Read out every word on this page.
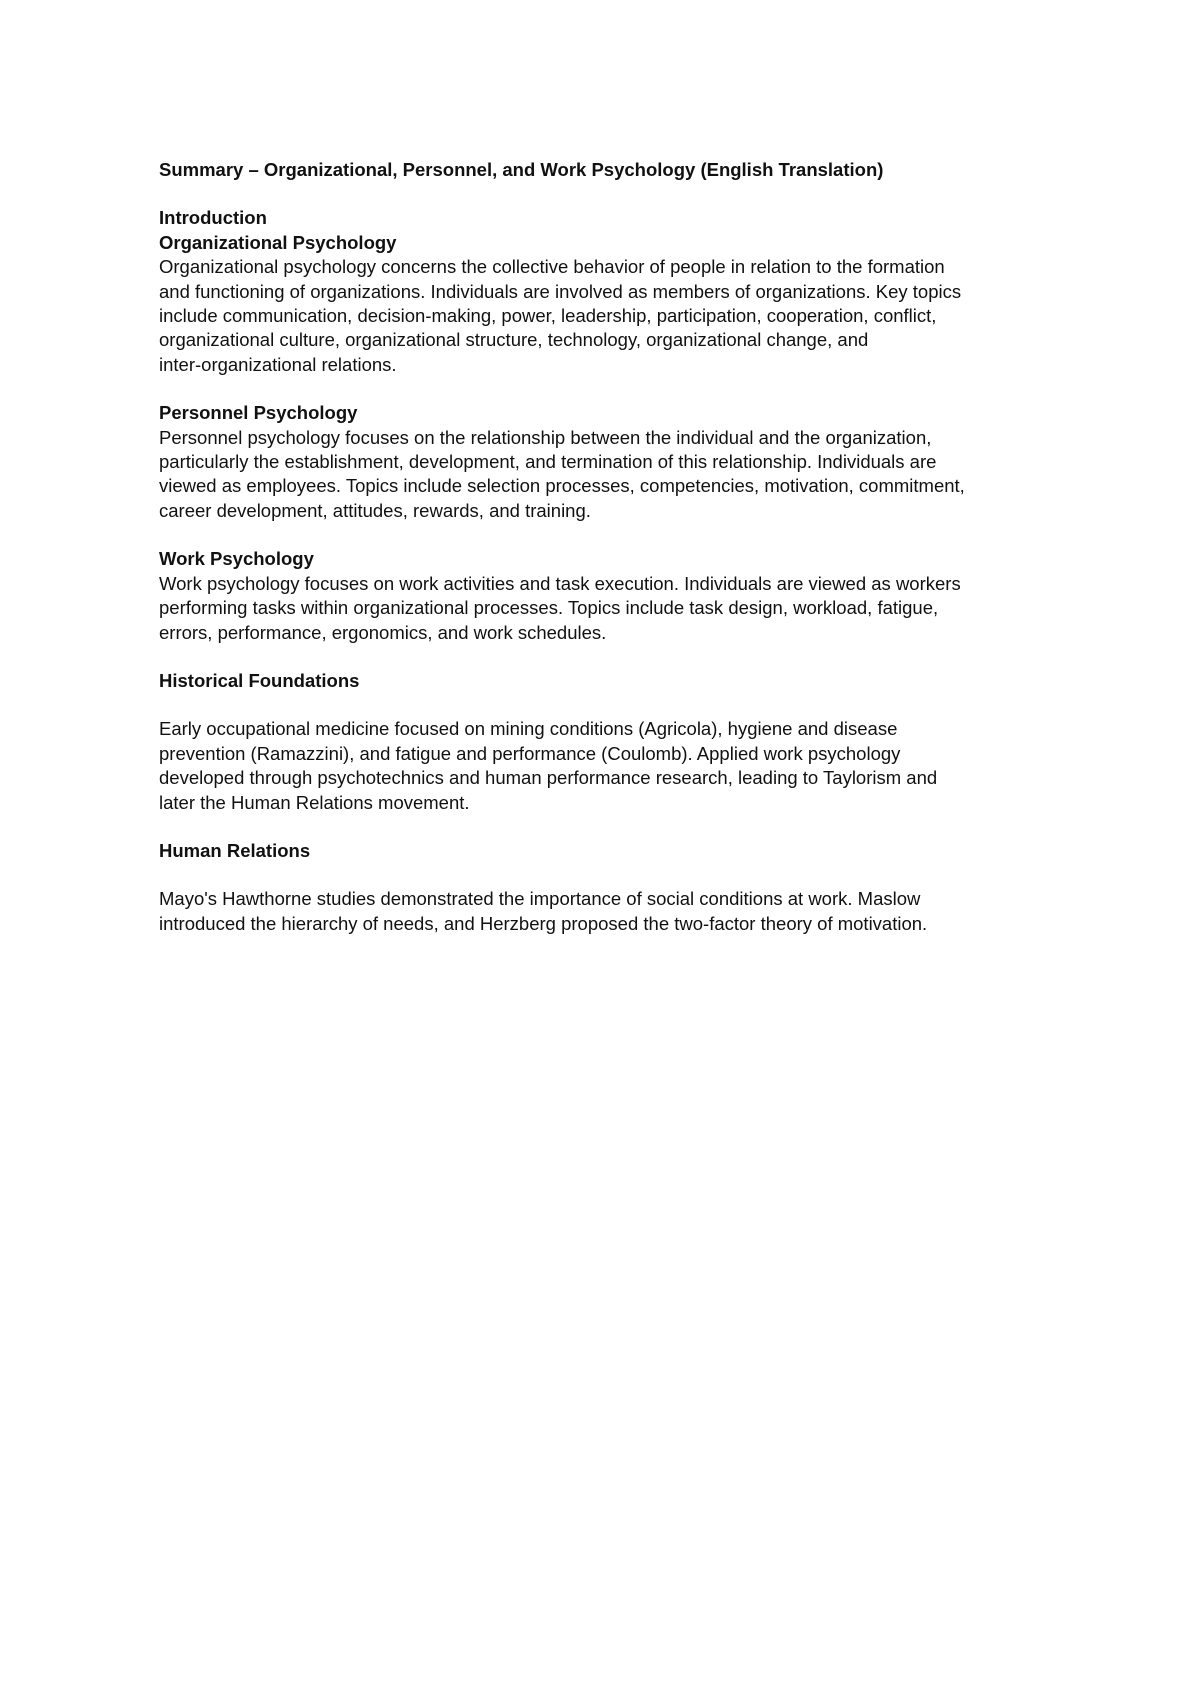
Summary – Organizational, Personnel, and Work Psychology (English Translation)

Introduction

Organizational Psychology

Organizational psychology concerns the collective behavior of people in relation to the formation
and functioning of organizations. Individuals are involved as members of organizations. Key topics
include communication, decision-making, power, leadership, participation, cooperation, conflict,
organizational culture, organizational structure, technology, organizational change, and
inter-organizational relations.

Personnel Psychology

Personnel psychology focuses on the relationship between the individual and the organization,
particularly the establishment, development, and termination of this relationship. Individuals are
viewed as employees. Topics include selection processes, competencies, motivation, commitment,
career development, attitudes, rewards, and training.

Work Psychology

Work psychology focuses on work activities and task execution. Individuals are viewed as workers
performing tasks within organizational processes. Topics include task design, workload, fatigue,
errors, performance, ergonomics, and work schedules.

Historical Foundations

Early occupational medicine focused on mining conditions (Agricola), hygiene and disease
prevention (Ramazzini), and fatigue and performance (Coulomb). Applied work psychology
developed through psychotechnics and human performance research, leading to Taylorism and
later the Human Relations movement.

Human Relations

Mayo's Hawthorne studies demonstrated the importance of social conditions at work. Maslow
introduced the hierarchy of needs, and Herzberg proposed the two-factor theory of motivation.
